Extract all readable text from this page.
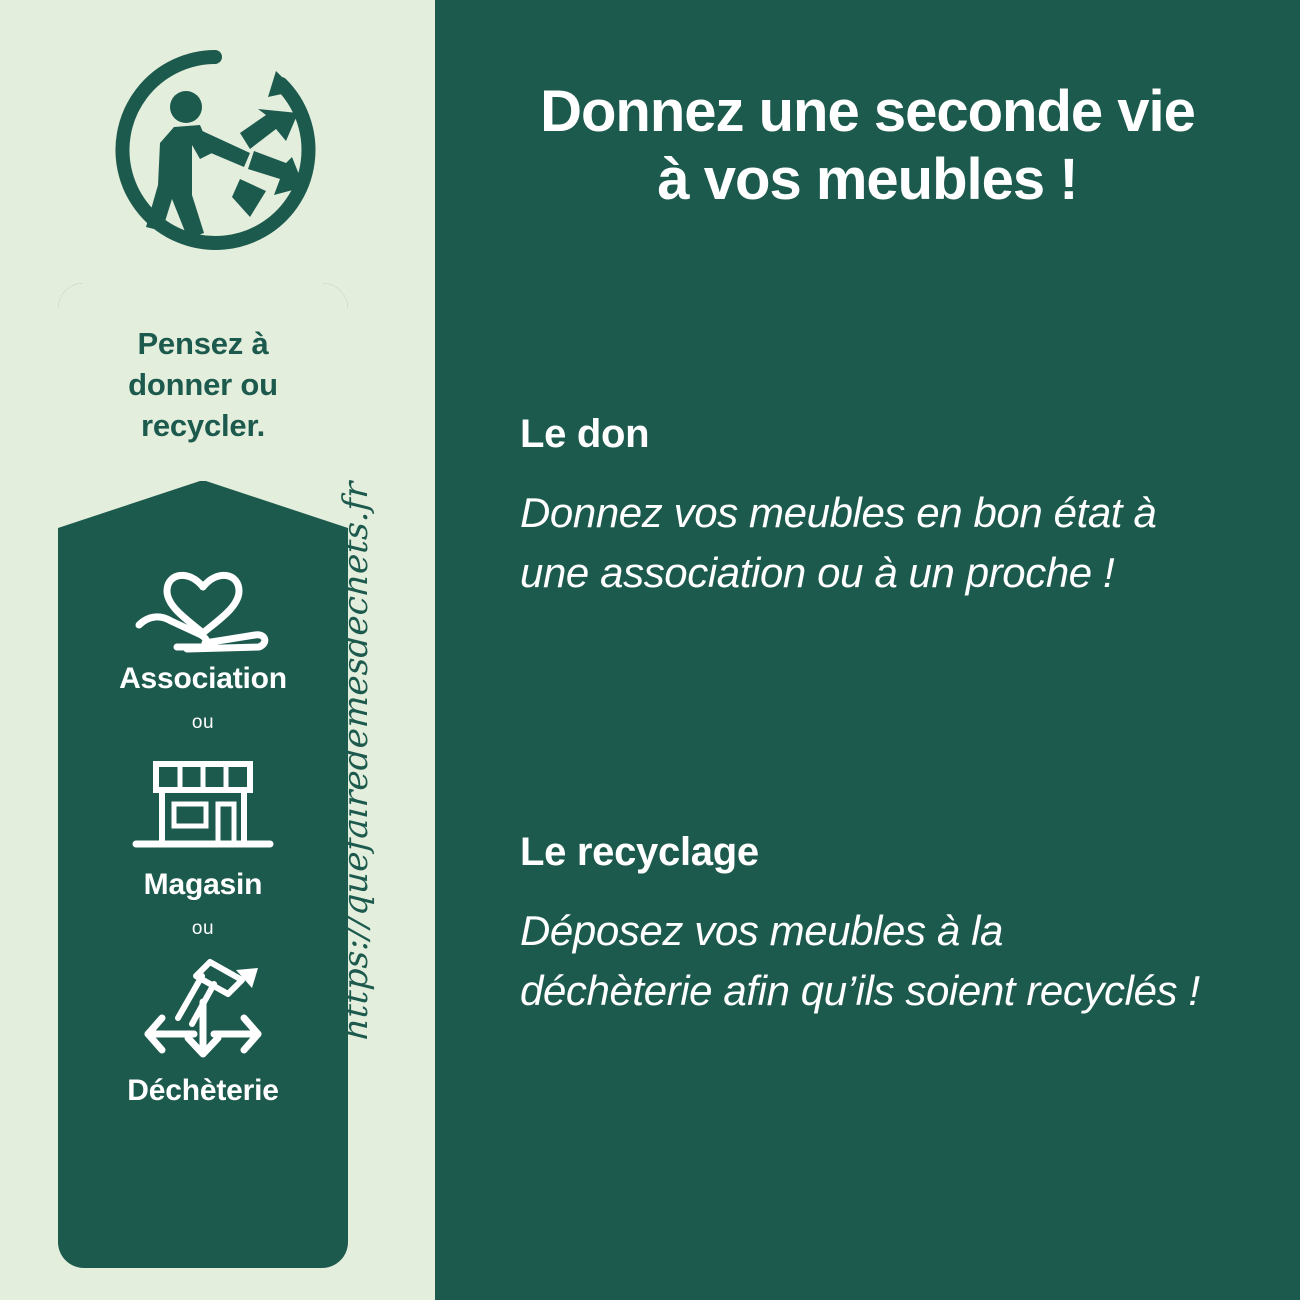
Pensez à
donner ou
recycler.
Association
ou
Magasin
ou
Déchèterie
https://quefairedemesdechets.fr
Donnez une seconde vie
à vos meubles !
Le don
Donnez vos meubles en bon état à une association ou à un proche !
Le recyclage
Déposez vos meubles à la déchèterie afin qu’ils soient recyclés !
